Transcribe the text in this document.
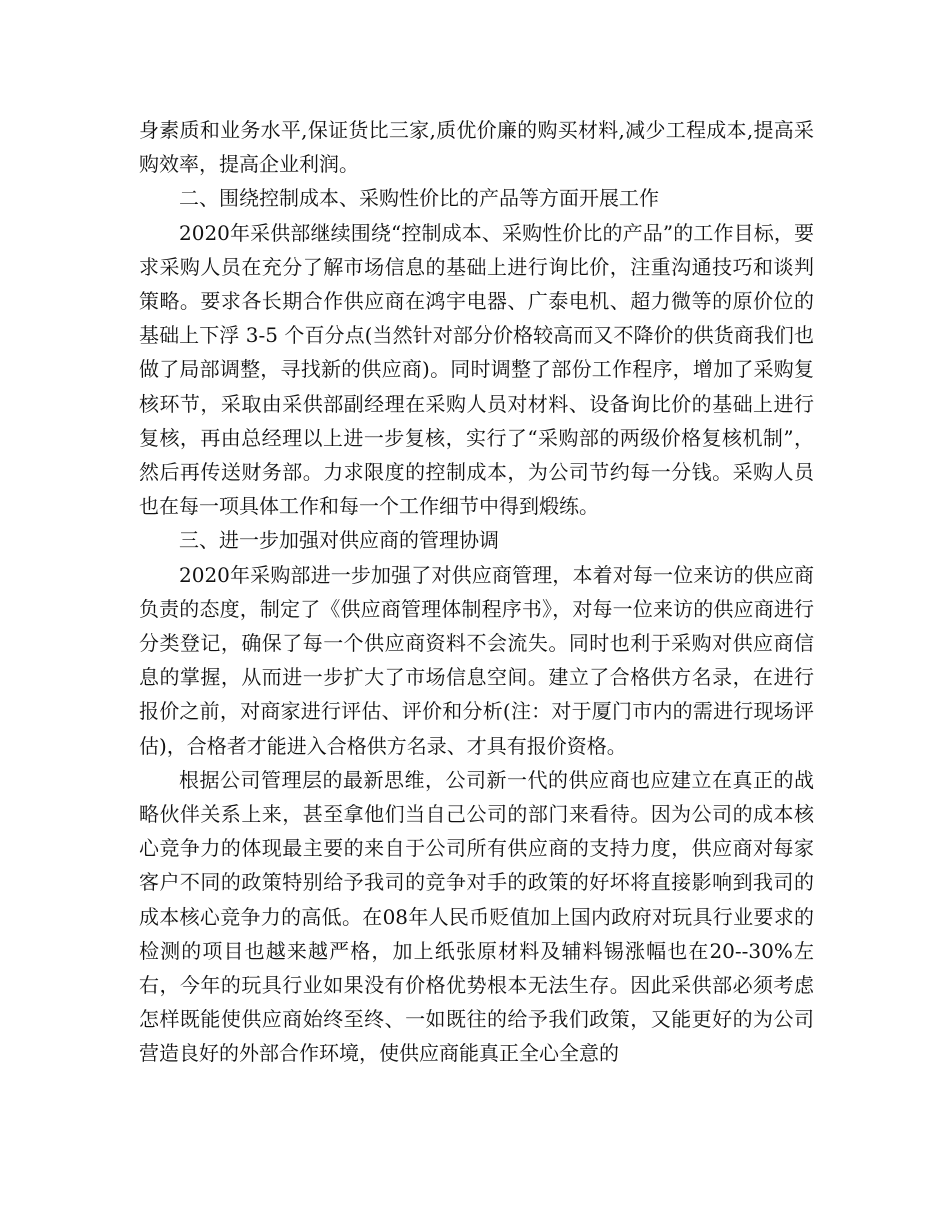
身素质和业务水平,保证货比三家,质优价廉的购买材料,减少工程成本,提高采购效率，提高企业利润。

二、围绕控制成本、采购性价比的产品等方面开展工作

2020年采供部继续围绕“控制成本、采购性价比的产品”的工作目标，要求采购人员在充分了解市场信息的基础上进行询比价，注重沟通技巧和谈判策略。要求各长期合作供应商在鸿宇电器、广泰电机、超力微等的原价位的基础上下浮 3-5 个百分点(当然针对部分价格较高而又不降价的供货商我们也做了局部调整，寻找新的供应商)。同时调整了部份工作程序，增加了采购复核环节，采取由采供部副经理在采购人员对材料、设备询比价的基础上进行复核，再由总经理以上进一步复核，实行了“采购部的两级价格复核机制”，然后再传送财务部。力求限度的控制成本，为公司节约每一分钱。采购人员也在每一项具体工作和每一个工作细节中得到煅练。

三、进一步加强对供应商的管理协调

2020年采购部进一步加强了对供应商管理，本着对每一位来访的供应商负责的态度，制定了《供应商管理体制程序书》，对每一位来访的供应商进行分类登记，确保了每一个供应商资料不会流失。同时也利于采购对供应商信息的掌握，从而进一步扩大了市场信息空间。建立了合格供方名录，在进行报价之前，对商家进行评估、评价和分析(注：对于厦门市内的需进行现场评估)，合格者才能进入合格供方名录、才具有报价资格。

根据公司管理层的最新思维，公司新一代的供应商也应建立在真正的战略伙伴关系上来，甚至拿他们当自己公司的部门来看待。因为公司的成本核心竞争力的体现最主要的来自于公司所有供应商的支持力度，供应商对每家客户不同的政策特别给予我司的竞争对手的政策的好坏将直接影响到我司的成本核心竞争力的高低。在08年人民币贬值加上国内政府对玩具行业要求的检测的项目也越来越严格，加上纸张原材料及辅料锡涨幅也在20--30%左右，今年的玩具行业如果没有价格优势根本无法生存。因此采供部必须考虑怎样既能使供应商始终至终、一如既往的给予我们政策，又能更好的为公司营造良好的外部合作环境，使供应商能真正全心全意的
